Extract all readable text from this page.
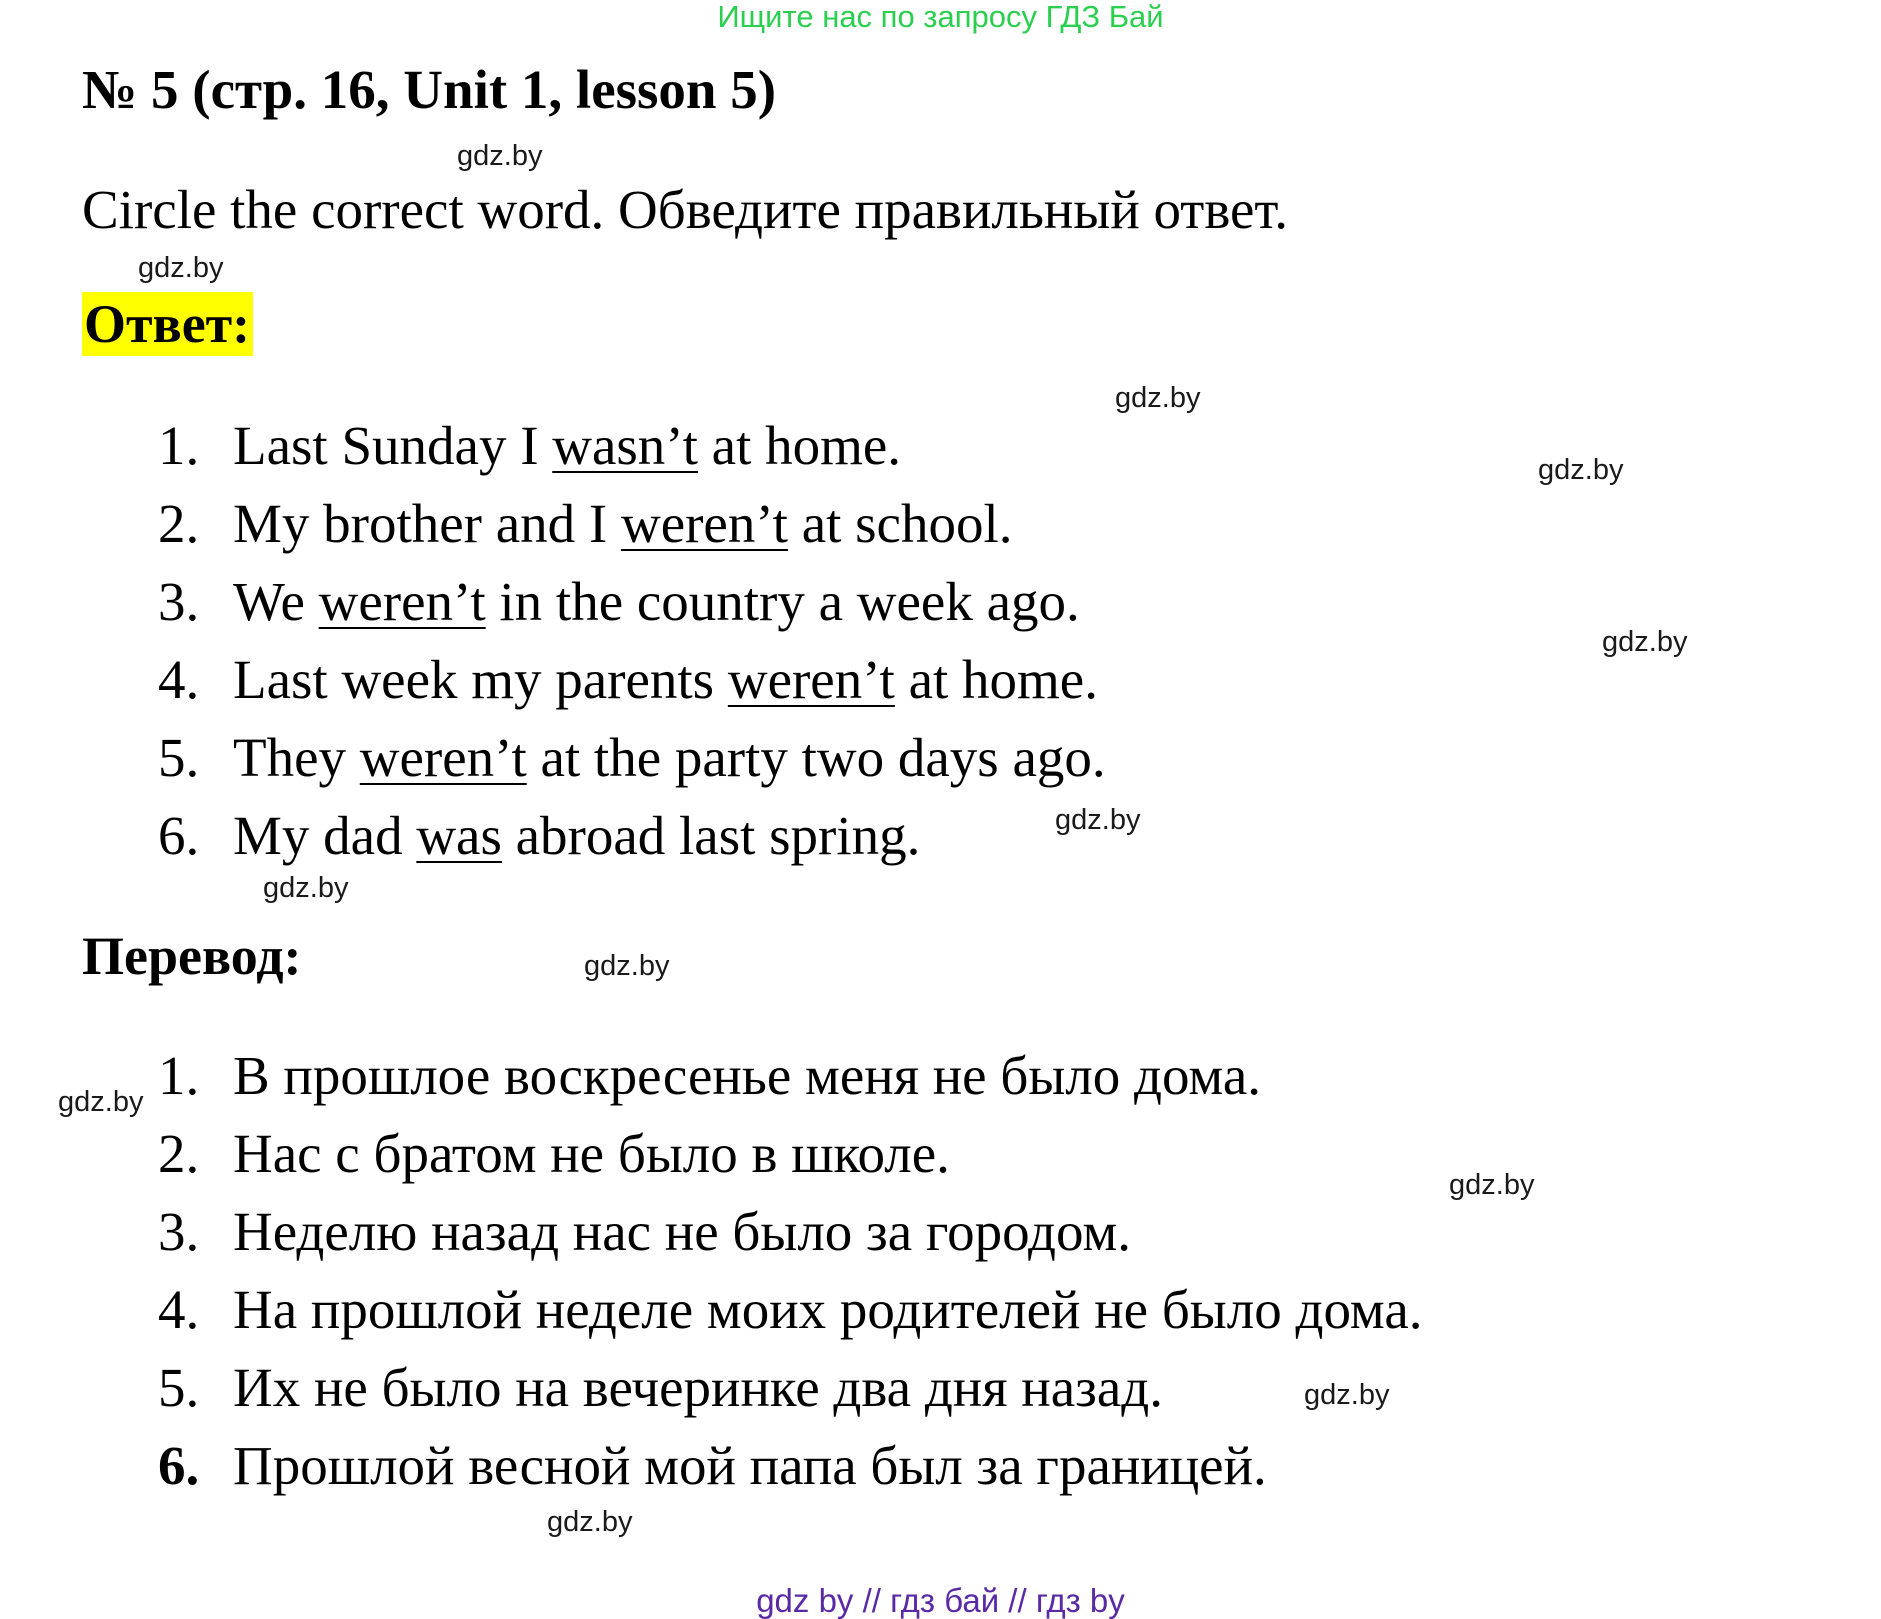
Ищите нас по запросу ГДЗ Бай
№ 5 (стр. 16, Unit 1, lesson 5)
Circle the correct word. Обведите правильный ответ.
Ответ:
1. Last Sunday I wasn’t at home.
2. My brother and I weren’t at school.
3. We weren’t in the country a week ago.
4. Last week my parents weren’t at home.
5. They weren’t at the party two days ago.
6. My dad was abroad last spring.
Перевод:
1. В прошлое воскресенье меня не было дома.
2. Нас с братом не было в школе.
3. Неделю назад нас не было за городом.
4. На прошлой неделе моих родителей не было дома.
5. Их не было на вечеринке два дня назад.
6. Прошлой весной мой папа был за границей.
gdz.by
gdz.by
gdz.by
gdz.by
gdz.by
gdz.by
gdz.by
gdz.by
gdz.by
gdz.by
gdz.by
gdz.by
gdz by // гдз бай // гдз by
